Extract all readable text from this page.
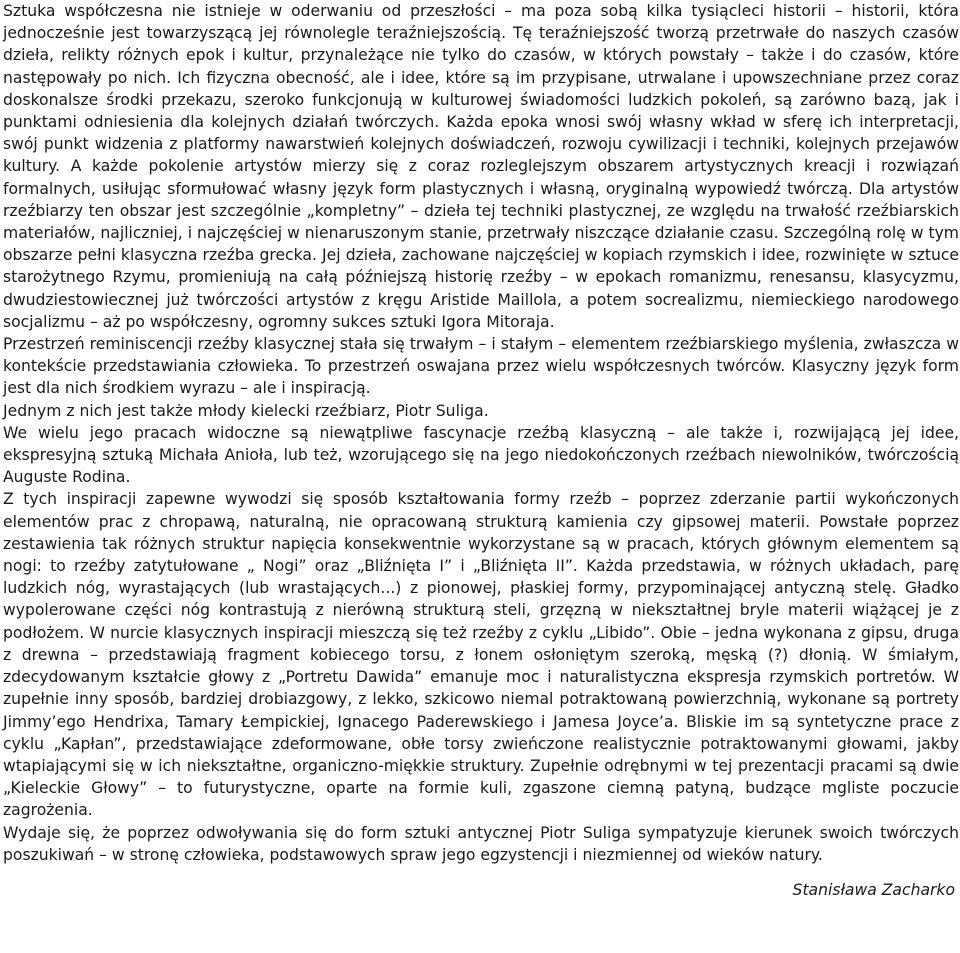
Sztuka współczesna nie istnieje w oderwaniu od przeszłości – ma poza sobą kilka tysiącleci historii – historii, która jednocześnie jest towarzyszącą jej równolegle teraźniejszością. Tę teraźniejszość tworzą przetrwałe do naszych czasów dzieła, relikty różnych epok i kultur, przynależące nie tylko do czasów, w których powstały – także i do czasów, które następowały po nich. Ich fizyczna obecność, ale i idee, które są im przypisane, utrwalane i upowszechniane przez coraz doskonalsze środki przekazu, szeroko funkcjonują w kulturowej świadomości ludzkich pokoleń, są zarówno bazą, jak i punktami odniesienia dla kolejnych działań twórczych. Każda epoka wnosi swój własny wkład w sferę ich interpretacji, swój punkt widzenia z platformy nawarstwień kolejnych doświadczeń, rozwoju cywilizacji i techniki, kolejnych przejawów kultury. A każde pokolenie artystów mierzy się z coraz rozleglejszym obszarem artystycznych kreacji i rozwiązań formalnych, usiłując sformułować własny język form plastycznych i własną, oryginalną wypowiedź twórczą. Dla artystów rzeźbiarzy ten obszar jest szczególnie „kompletny” – dzieła tej techniki plastycznej, ze względu na trwałość rzeźbiarskich materiałów, najliczniej, i najczęściej w nienaruszonym stanie, przetrwały niszczące działanie czasu. Szczególną rolę w tym obszarze pełni klasyczna rzeźba grecka. Jej dzieła, zachowane najczęściej w kopiach rzymskich i idee, rozwinięte w sztuce starożytnego Rzymu, promieniują na całą późniejszą historię rzeźby – w epokach romanizmu, renesansu, klasycyzmu, dwudziestowiecznej już twórczości artystów z kręgu Aristide Maillola, a potem socrealizmu, niemieckiego narodowego socjalizmu – aż po współczesny, ogromny sukces sztuki Igora Mitoraja.

Przestrzeń reminiscencji rzeźby klasycznej stała się trwałym – i stałym – elementem rzeźbiarskiego myślenia, zwłaszcza w kontekście przedstawiania człowieka. To przestrzeń oswajana przez wielu współczesnych twórców. Klasyczny język form jest dla nich środkiem wyrazu – ale i inspiracją.

Jednym z nich jest także młody kielecki rzeźbiarz, Piotr Suliga.

We wielu jego pracach widoczne są niewątpliwe fascynacje rzeźbą klasyczną – ale także i, rozwijającą jej idee, ekspresyjną sztuką Michała Anioła, lub też, wzorującego się na jego niedokończonych rzeźbach niewolników, twórczością Auguste Rodina.

Z tych inspiracji zapewne wywodzi się sposób kształtowania formy rzeźb – poprzez zderzanie partii wykończonych elementów prac z chropawą, naturalną, nie opracowaną strukturą kamienia czy gipsowej materii. Powstałe poprzez zestawienia tak różnych struktur napięcia konsekwentnie wykorzystane są w pracach, których głównym elementem są nogi: to rzeźby zatytułowane „ Nogi” oraz „Bliźnięta I” i „Bliźnięta II”. Każda przedstawia, w różnych układach, parę ludzkich nóg, wyrastających (lub wrastających...) z pionowej, płaskiej formy, przypominającej antyczną stelę. Gładko wypolerowane części nóg kontrastują z nierówną strukturą steli, grzęzną w niekształtnej bryle materii wiążącej je z podłożem. W nurcie klasycznych inspiracji mieszczą się też rzeźby z cyklu „Libido”. Obie – jedna wykonana z gipsu, druga z drewna – przedstawiają fragment kobiecego torsu, z łonem osłoniętym szeroką, męską (?) dłonią. W śmiałym, zdecydowanym kształcie głowy z „Portretu Dawida” emanuje moc i naturalistyczna ekspresja rzymskich portretów. W zupełnie inny sposób, bardziej drobiazgowy, z lekko, szkicowo niemal potraktowaną powierzchnią, wykonane są portrety Jimmy’ego Hendrixa, Tamary Łempickiej, Ignacego Paderewskiego i Jamesa Joyce’a. Bliskie im są syntetyczne prace z cyklu „Kapłan”, przedstawiające zdeformowane, obłe torsy zwieńczone realistycznie potraktowanymi głowami, jakby wtapiającymi się w ich niekształtne, organiczno-miękkie struktury. Zupełnie odrębnymi w tej prezentacji pracami są dwie „Kieleckie Głowy” – to futurystyczne, oparte na formie kuli, zgaszone ciemną patyną, budzące mgliste poczucie zagrożenia.

Wydaje się, że poprzez odwoływania się do form sztuki antycznej Piotr Suliga sympatyzuje kierunek swoich twórczych poszukiwań – w stronę człowieka, podstawowych spraw jego egzystencji i niezmiennej od wieków natury.

Stanisława Zacharko
